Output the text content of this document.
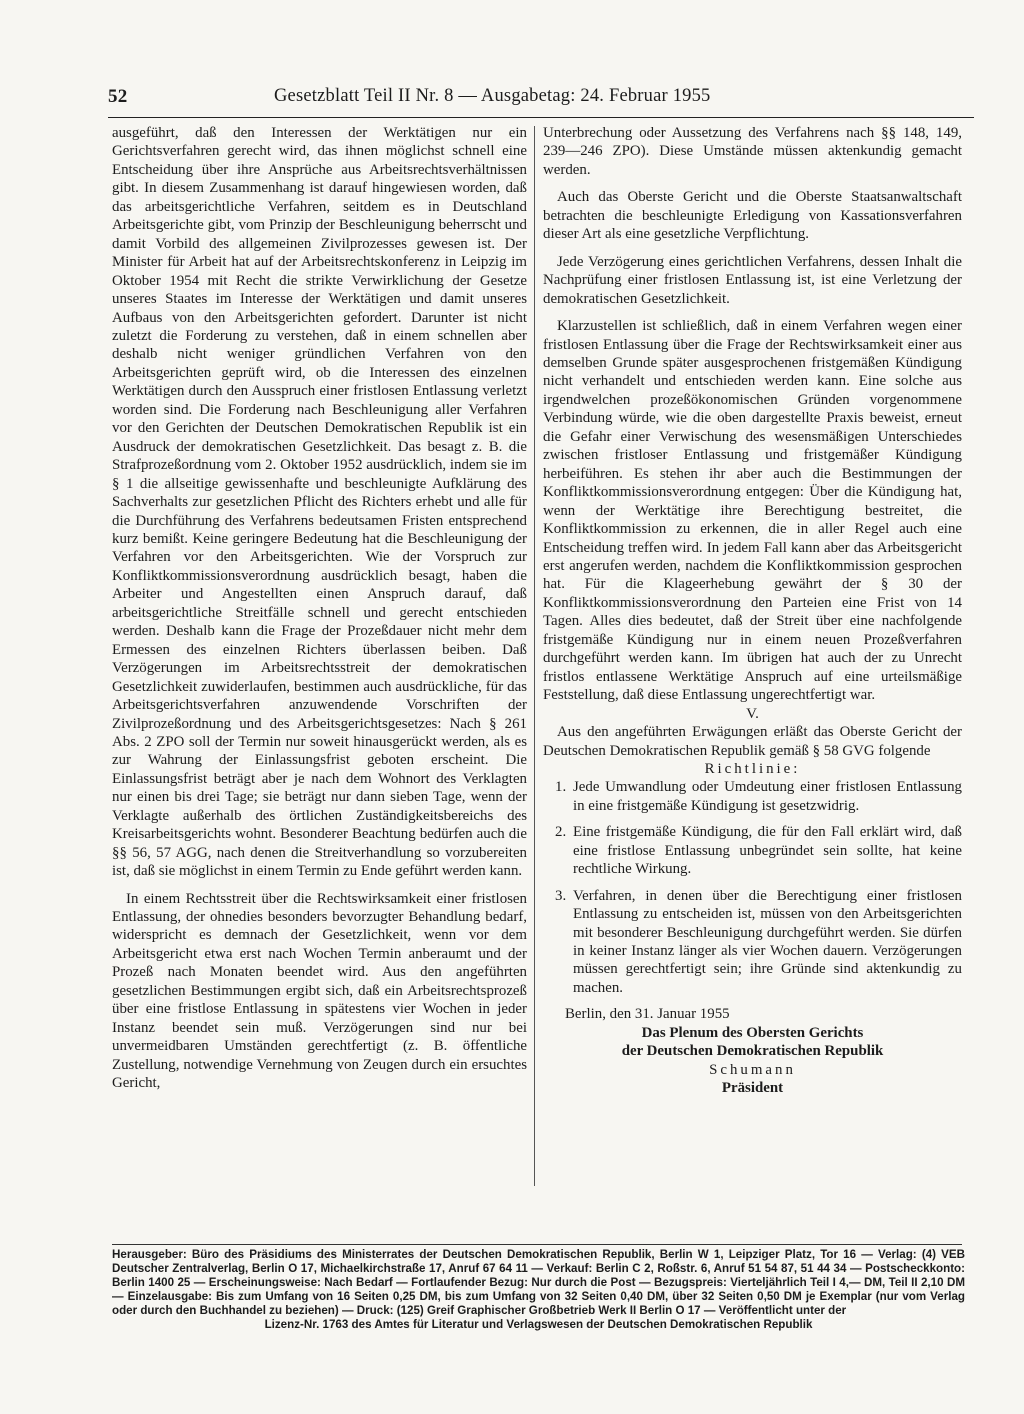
52	Gesetzblatt Teil II Nr. 8 — Ausgabetag: 24. Februar 1955

ausgeführt, daß den Interessen der Werktätigen nur ein Gerichtsverfahren gerecht wird, das ihnen möglichst schnell eine Entscheidung über ihre Ansprüche aus Arbeitsrechtsverhältnissen gibt. In diesem Zusammenhang ist darauf hingewiesen worden, daß das arbeitsgerichtliche Verfahren, seitdem es in Deutschland Arbeitsgerichte gibt, vom Prinzip der Beschleunigung beherrscht und damit Vorbild des allgemeinen Zivilprozesses gewesen ist. Der Minister für Arbeit hat auf der Arbeitsrechtskonferenz in Leipzig im Oktober 1954 mit Recht die strikte Verwirklichung der Gesetze unseres Staates im Interesse der Werktätigen und damit unseres Aufbaus von den Arbeitsgerichten gefordert. Darunter ist nicht zuletzt die Forderung zu verstehen, daß in einem schnellen aber deshalb nicht weniger gründlichen Verfahren von den Arbeitsgerichten geprüft wird, ob die Interessen des einzelnen Werktätigen durch den Ausspruch einer fristlosen Entlassung verletzt worden sind. Die Forderung nach Beschleunigung aller Verfahren vor den Gerichten der Deutschen Demokratischen Republik ist ein Ausdruck der demokratischen Gesetzlichkeit. Das besagt z. B. die Strafprozeßordnung vom 2. Oktober 1952 ausdrücklich, indem sie im § 1 die allseitige gewissenhafte und beschleunigte Aufklärung des Sachverhalts zur gesetzlichen Pflicht des Richters erhebt und alle für die Durchführung des Verfahrens bedeutsamen Fristen entsprechend kurz bemißt. Keine geringere Bedeutung hat die Beschleunigung der Verfahren vor den Arbeitsgerichten. Wie der Vorspruch zur Konfliktkommissionsverordnung ausdrücklich besagt, haben die Arbeiter und Angestellten einen Anspruch darauf, daß arbeitsgerichtliche Streitfälle schnell und gerecht entschieden werden. Deshalb kann die Frage der Prozeßdauer nicht mehr dem Ermessen des einzelnen Richters überlassen beiben. Daß Verzögerungen im Arbeitsrechtsstreit der demokratischen Gesetzlichkeit zuwiderlaufen, bestimmen auch ausdrückliche, für das Arbeitsgerichtsverfahren anzuwendende Vorschriften der Zivilprozeßordnung und des Arbeitsgerichtsgesetzes: Nach § 261 Abs. 2 ZPO soll der Termin nur soweit hinausgerückt werden, als es zur Wahrung der Einlassungsfrist geboten erscheint. Die Einlassungsfrist beträgt aber je nach dem Wohnort des Verklagten nur einen bis drei Tage; sie beträgt nur dann sieben Tage, wenn der Verklagte außerhalb des örtlichen Zuständigkeitsbereichs des Kreisarbeitsgerichts wohnt. Besonderer Beachtung bedürfen auch die §§ 56, 57 AGG, nach denen die Streitverhandlung so vorzubereiten ist, daß sie möglichst in einem Termin zu Ende geführt werden kann.

In einem Rechtsstreit über die Rechtswirksamkeit einer fristlosen Entlassung, der ohnedies besonders bevorzugter Behandlung bedarf, widerspricht es demnach der Gesetzlichkeit, wenn vor dem Arbeitsgericht etwa erst nach Wochen Termin anberaumt und der Prozeß nach Monaten beendet wird. Aus den angeführten gesetzlichen Bestimmungen ergibt sich, daß ein Arbeitsrechtsprozeß über eine fristlose Entlassung in spätestens vier Wochen in jeder Instanz beendet sein muß. Verzögerungen sind nur bei unvermeidbaren Umständen gerechtfertigt (z. B. öffentliche Zustellung, notwendige Vernehmung von Zeugen durch ein ersuchtes Gericht,

Unterbrechung oder Aussetzung des Verfahrens nach §§ 148, 149, 239—246 ZPO). Diese Umstände müssen aktenkundig gemacht werden.

Auch das Oberste Gericht und die Oberste Staatsanwaltschaft betrachten die beschleunigte Erledigung von Kassationsverfahren dieser Art als eine gesetzliche Verpflichtung.

Jede Verzögerung eines gerichtlichen Verfahrens, dessen Inhalt die Nachprüfung einer fristlosen Entlassung ist, ist eine Verletzung der demokratischen Gesetzlichkeit.

Klarzustellen ist schließlich, daß in einem Verfahren wegen einer fristlosen Entlassung über die Frage der Rechtswirksamkeit einer aus demselben Grunde später ausgesprochenen fristgemäßen Kündigung nicht verhandelt und entschieden werden kann. Eine solche aus irgendwelchen prozeßökonomischen Gründen vorgenommene Verbindung würde, wie die oben dargestellte Praxis beweist, erneut die Gefahr einer Verwischung des wesensmäßigen Unterschiedes zwischen fristloser Entlassung und fristgemäßer Kündigung herbeiführen. Es stehen ihr aber auch die Bestimmungen der Konfliktkommissionsverordnung entgegen: Über die Kündigung hat, wenn der Werktätige ihre Berechtigung bestreitet, die Konfliktkommission zu erkennen, die in aller Regel auch eine Entscheidung treffen wird. In jedem Fall kann aber das Arbeitsgericht erst angerufen werden, nachdem die Konfliktkommission gesprochen hat. Für die Klageerhebung gewährt der § 30 der Konfliktkommissionsverordnung den Parteien eine Frist von 14 Tagen. Alles dies bedeutet, daß der Streit über eine nachfolgende fristgemäße Kündigung nur in einem neuen Prozeßverfahren durchgeführt werden kann. Im übrigen hat auch der zu Unrecht fristlos entlassene Werktätige Anspruch auf eine urteilsmäßige Feststellung, daß diese Entlassung ungerechtfertigt war.

V.

Aus den angeführten Erwägungen erläßt das Oberste Gericht der Deutschen Demokratischen Republik gemäß § 58 GVG folgende

Richtlinie:

1. Jede Umwandlung oder Umdeutung einer fristlosen Entlassung in eine fristgemäße Kündigung ist gesetzwidrig.
2. Eine fristgemäße Kündigung, die für den Fall erklärt wird, daß eine fristlose Entlassung unbegründet sein sollte, hat keine rechtliche Wirkung.
3. Verfahren, in denen über die Berechtigung einer fristlosen Entlassung zu entscheiden ist, müssen von den Arbeitsgerichten mit besonderer Beschleunigung durchgeführt werden. Sie dürfen in keiner Instanz länger als vier Wochen dauern. Verzögerungen müssen gerechtfertigt sein; ihre Gründe sind aktenkundig zu machen.

Berlin, den 31. Januar 1955

Das Plenum des Obersten Gerichts
der Deutschen Demokratischen Republik
Schumann
Präsident

Herausgeber: Büro des Präsidiums des Ministerrates der Deutschen Demokratischen Republik, Berlin W 1, Leipziger Platz, Tor 16 — Verlag: (4) VEB Deutscher Zentralverlag, Berlin O 17, Michaelkirchstraße 17, Anruf 67 64 11 — Verkauf: Berlin C 2, Roßstr. 6, Anruf 51 54 87, 51 44 34 — Postscheckkonto: Berlin 1400 25 — Erscheinungsweise: Nach Bedarf — Fortlaufender Bezug: Nur durch die Post — Bezugspreis: Vierteljährlich Teil I 4,— DM, Teil II 2,10 DM — Einzelausgabe: Bis zum Umfang von 16 Seiten 0,25 DM, bis zum Umfang von 32 Seiten 0,40 DM, über 32 Seiten 0,50 DM je Exemplar (nur vom Verlag oder durch den Buchhandel zu beziehen) — Druck: (125) Greif Graphischer Großbetrieb Werk II Berlin O 17 — Veröffentlicht unter der

Lizenz-Nr. 1763 des Amtes für Literatur und Verlagswesen der Deutschen Demokratischen Republik
